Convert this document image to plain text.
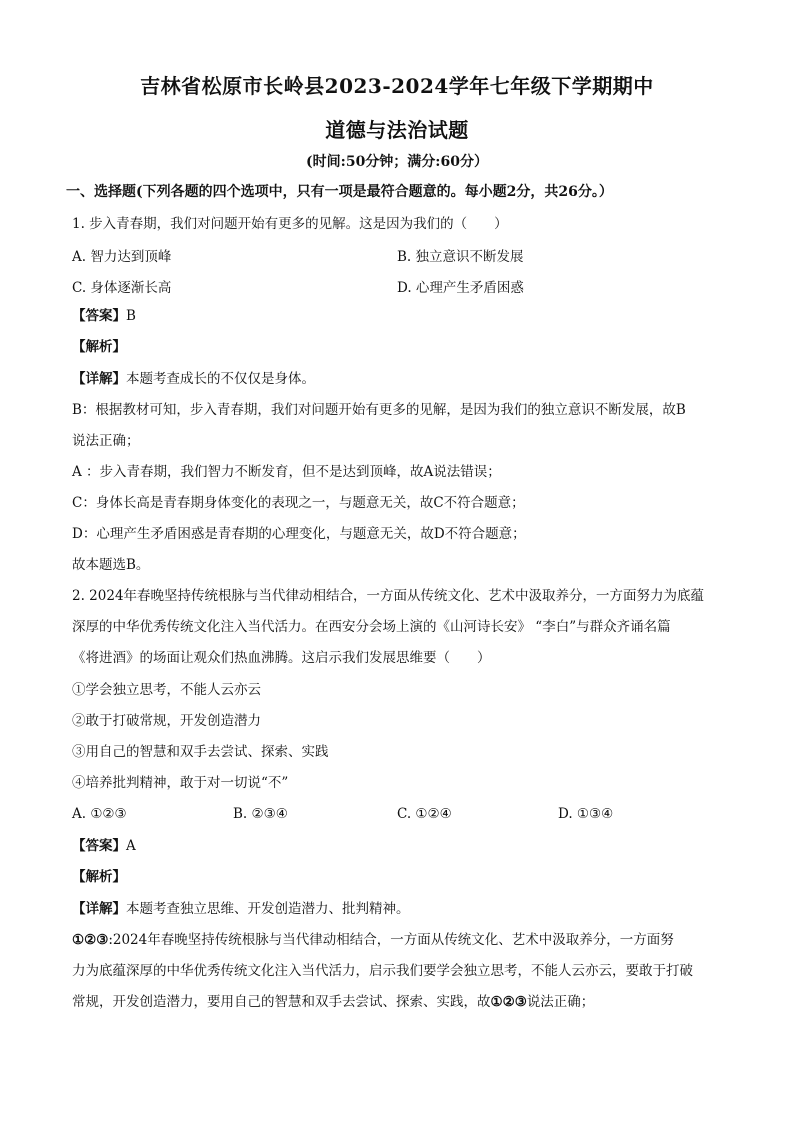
吉林省松原市长岭县2023-2024学年七年级下学期期中
道德与法治试题
(时间:50分钟；满分:60分）
一、选择题(下列各题的四个选项中，只有一项是最符合题意的。每小题2分，共26分。）
1. 步入青春期，我们对问题开始有更多的见解。这是因为我们的（　　）
A. 智力达到顶峰	B. 独立意识不断发展
C. 身体逐渐长高	D. 心理产生矛盾困惑
【答案】B
【解析】
【详解】本题考查成长的不仅仅是身体。
B：根据教材可知，步入青春期，我们对问题开始有更多的见解，是因为我们的独立意识不断发展，故B
说法正确；
A ：步入青春期，我们智力不断发育，但不是达到顶峰，故A说法错误；
C：身体长高是青春期身体变化的表现之一，与题意无关，故C不符合题意；
D：心理产生矛盾困惑是青春期的心理变化，与题意无关，故D不符合题意；
故本题选B。
2. 2024年春晚坚持传统根脉与当代律动相结合，一方面从传统文化、艺术中汲取养分，一方面努力为底蕴
深厚的中华优秀传统文化注入当代活力。在西安分会场上演的《山河诗长安》 “李白”与群众齐诵名篇
《将进酒》的场面让观众们热血沸腾。这启示我们发展思维要（　　）
①学会独立思考，不能人云亦云
②敢于打破常规，开发创造潜力
③用自己的智慧和双手去尝试、探索、实践
④培养批判精神，敢于对一切说“不”
A. ①②③	B. ②③④	C. ①②④	D. ①③④
【答案】A
【解析】
【详解】本题考查独立思维、开发创造潜力、批判精神。
①②③:2024年春晚坚持传统根脉与当代律动相结合，一方面从传统文化、艺术中汲取养分，一方面努
力为底蕴深厚的中华优秀传统文化注入当代活力，启示我们要学会独立思考，不能人云亦云，要敢于打破
常规，开发创造潜力，要用自己的智慧和双手去尝试、探索、实践，故①②③说法正确；
